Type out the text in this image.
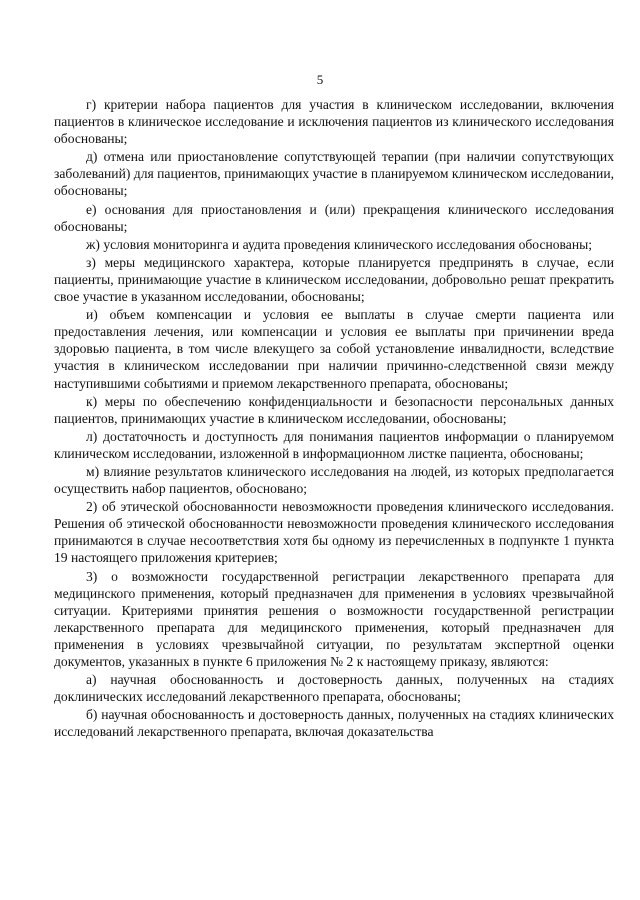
5

г) критерии набора пациентов для участия в клиническом исследовании, включения пациентов в клиническое исследование и исключения пациентов из клинического исследования обоснованы;

д) отмена или приостановление сопутствующей терапии (при наличии сопутствующих заболеваний) для пациентов, принимающих участие в планируемом клиническом исследовании, обоснованы;

е) основания для приостановления и (или) прекращения клинического исследования обоснованы;

ж) условия мониторинга и аудита проведения клинического исследования обоснованы;

з) меры медицинского характера, которые планируется предпринять в случае, если пациенты, принимающие участие в клиническом исследовании, добровольно решат прекратить свое участие в указанном исследовании, обоснованы;

и) объем компенсации и условия ее выплаты в случае смерти пациента или предоставления лечения, или компенсации и условия ее выплаты при причинении вреда здоровью пациента, в том числе влекущего за собой установление инвалидности, вследствие участия в клиническом исследовании при наличии причинно-следственной связи между наступившими событиями и приемом лекарственного препарата, обоснованы;

к) меры по обеспечению конфиденциальности и безопасности персональных данных пациентов, принимающих участие в клиническом исследовании, обоснованы;

л) достаточность и доступность для понимания пациентов информации о планируемом клиническом исследовании, изложенной в информационном листке пациента, обоснованы;

м) влияние результатов клинического исследования на людей, из которых предполагается осуществить набор пациентов, обосновано;

2) об этической обоснованности невозможности проведения клинического исследования. Решения об этической обоснованности невозможности проведения клинического исследования принимаются в случае несоответствия хотя бы одному из перечисленных в подпункте 1 пункта 19 настоящего приложения критериев;

3) о возможности государственной регистрации лекарственного препарата для медицинского применения, который предназначен для применения в условиях чрезвычайной ситуации. Критериями принятия решения о возможности государственной регистрации лекарственного препарата для медицинского применения, который предназначен для применения в условиях чрезвычайной ситуации, по результатам экспертной оценки документов, указанных в пункте 6 приложения № 2 к настоящему приказу, являются:

а) научная обоснованность и достоверность данных, полученных на стадиях доклинических исследований лекарственного препарата, обоснованы;

б) научная обоснованность и достоверность данных, полученных на стадиях клинических исследований лекарственного препарата, включая доказательства
